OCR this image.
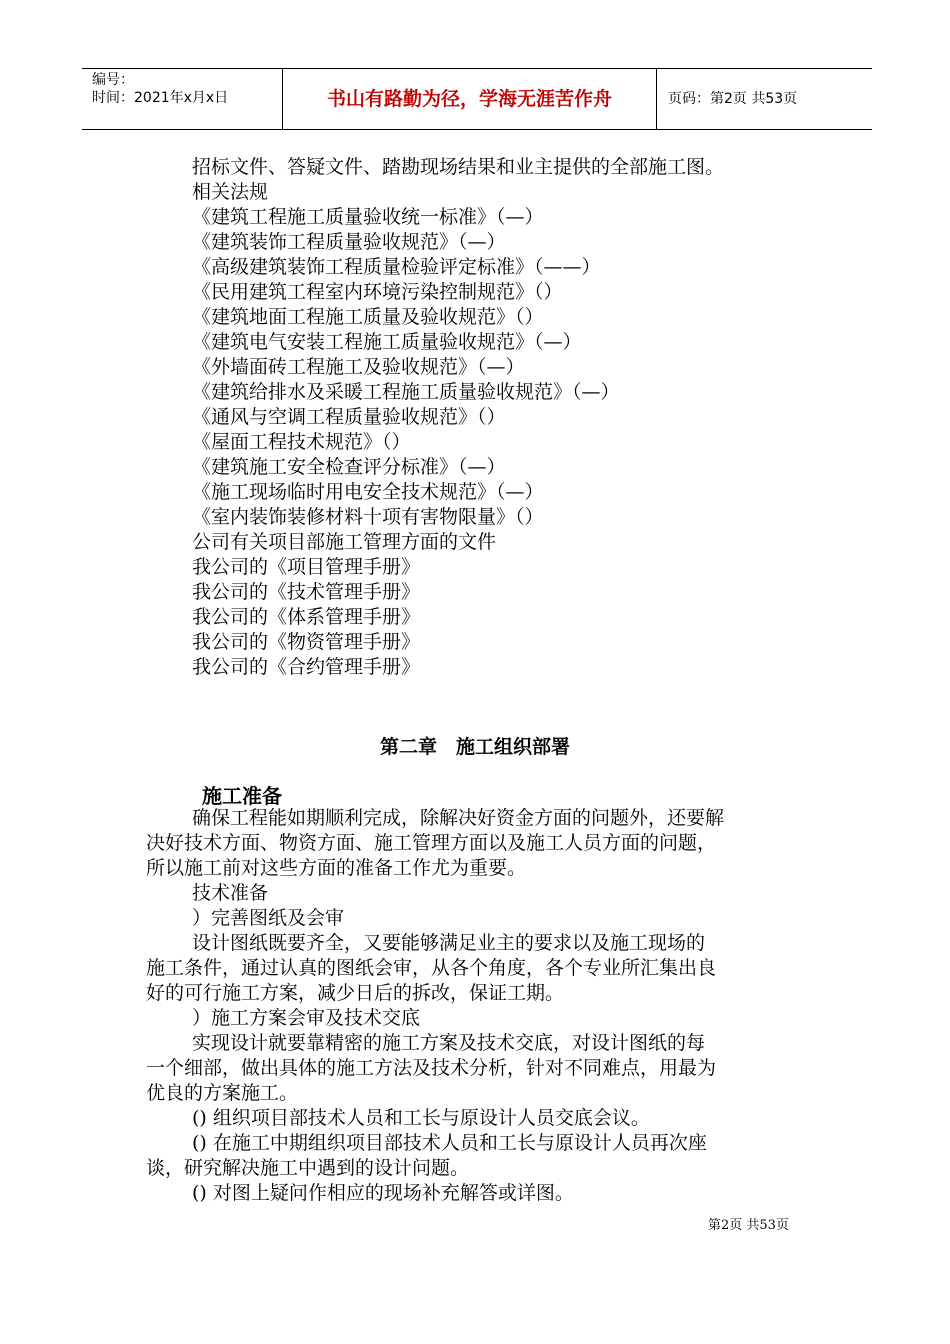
编号：
时间：2021年x月x日	书山有路勤为径，学海无涯苦作舟	页码：第2页 共53页
招标文件、答疑文件、踏勘现场结果和业主提供的全部施工图。
相关法规
《建筑工程施工质量验收统一标准》（—）
《建筑装饰工程质量验收规范》（—）
《高级建筑装饰工程质量检验评定标准》（——）
《民用建筑工程室内环境污染控制规范》（）
《建筑地面工程施工质量及验收规范》（）
《建筑电气安装工程施工质量验收规范》（—）
《外墙面砖工程施工及验收规范》（—）
《建筑给排水及采暖工程施工质量验收规范》（—）
《通风与空调工程质量验收规范》（）
《屋面工程技术规范》（）
《建筑施工安全检查评分标准》（—）
《施工现场临时用电安全技术规范》（—）
《室内装饰装修材料十项有害物限量》（）
公司有关项目部施工管理方面的文件
我公司的《项目管理手册》
我公司的《技术管理手册》
我公司的《体系管理手册》
我公司的《物资管理手册》
我公司的《合约管理手册》
第二章　施工组织部署
施工准备
确保工程能如期顺利完成，除解决好资金方面的问题外，还要解
决好技术方面、物资方面、施工管理方面以及施工人员方面的问题，
所以施工前对这些方面的准备工作尤为重要。
技术准备
）完善图纸及会审
设计图纸既要齐全，又要能够满足业主的要求以及施工现场的
施工条件，通过认真的图纸会审，从各个角度，各个专业所汇集出良
好的可行施工方案，减少日后的拆改，保证工期。
）施工方案会审及技术交底
实现设计就要靠精密的施工方案及技术交底，对设计图纸的每
一个细部，做出具体的施工方法及技术分析，针对不同难点，用最为
优良的方案施工。
() 组织项目部技术人员和工长与原设计人员交底会议。
() 在施工中期组织项目部技术人员和工长与原设计人员再次座
谈，研究解决施工中遇到的设计问题。
() 对图上疑问作相应的现场补充解答或详图。
第2页 共53页
